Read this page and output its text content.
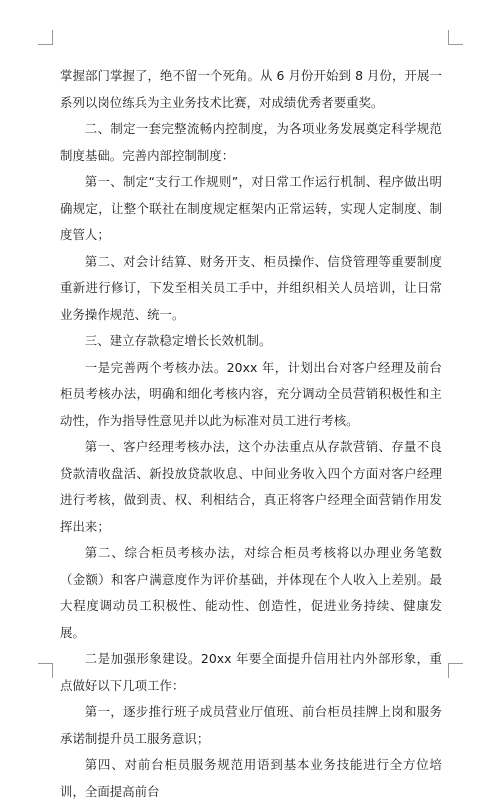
掌握部门掌握了，绝不留一个死角。从 6 月份开始到 8 月份，开展一系列以岗位练兵为主业务技术比赛，对成绩优秀者要重奖。

二、制定一套完整流畅内控制度，为各项业务发展奠定科学规范制度基础。完善内部控制制度：

第一、制定“支行工作规则”，对日常工作运行机制、程序做出明确规定，让整个联社在制度规定框架内正常运转，实现人定制度、制度管人；

第二、对会计结算、财务开支、柜员操作、信贷管理等重要制度重新进行修订，下发至相关员工手中，并组织相关人员培训，让日常业务操作规范、统一。

三、建立存款稳定增长长效机制。

一是完善两个考核办法。20xx 年，计划出台对客户经理及前台柜员考核办法，明确和细化考核内容，充分调动全员营销积极性和主动性，作为指导性意见并以此为标准对员工进行考核。

第一、客户经理考核办法，这个办法重点从存款营销、存量不良贷款清收盘活、新投放贷款收息、中间业务收入四个方面对客户经理进行考核，做到责、权、利相结合，真正将客户经理全面营销作用发挥出来；

第二、综合柜员考核办法，对综合柜员考核将以办理业务笔数（金额）和客户满意度作为评价基础，并体现在个人收入上差别。最大程度调动员工积极性、能动性、创造性，促进业务持续、健康发展。

二是加强形象建设。20xx 年要全面提升信用社内外部形象，重点做好以下几项工作：

第一，逐步推行班子成员营业厅值班、前台柜员挂牌上岗和服务承诺制提升员工服务意识；

第四、对前台柜员服务规范用语到基本业务技能进行全方位培训，全面提高前台
